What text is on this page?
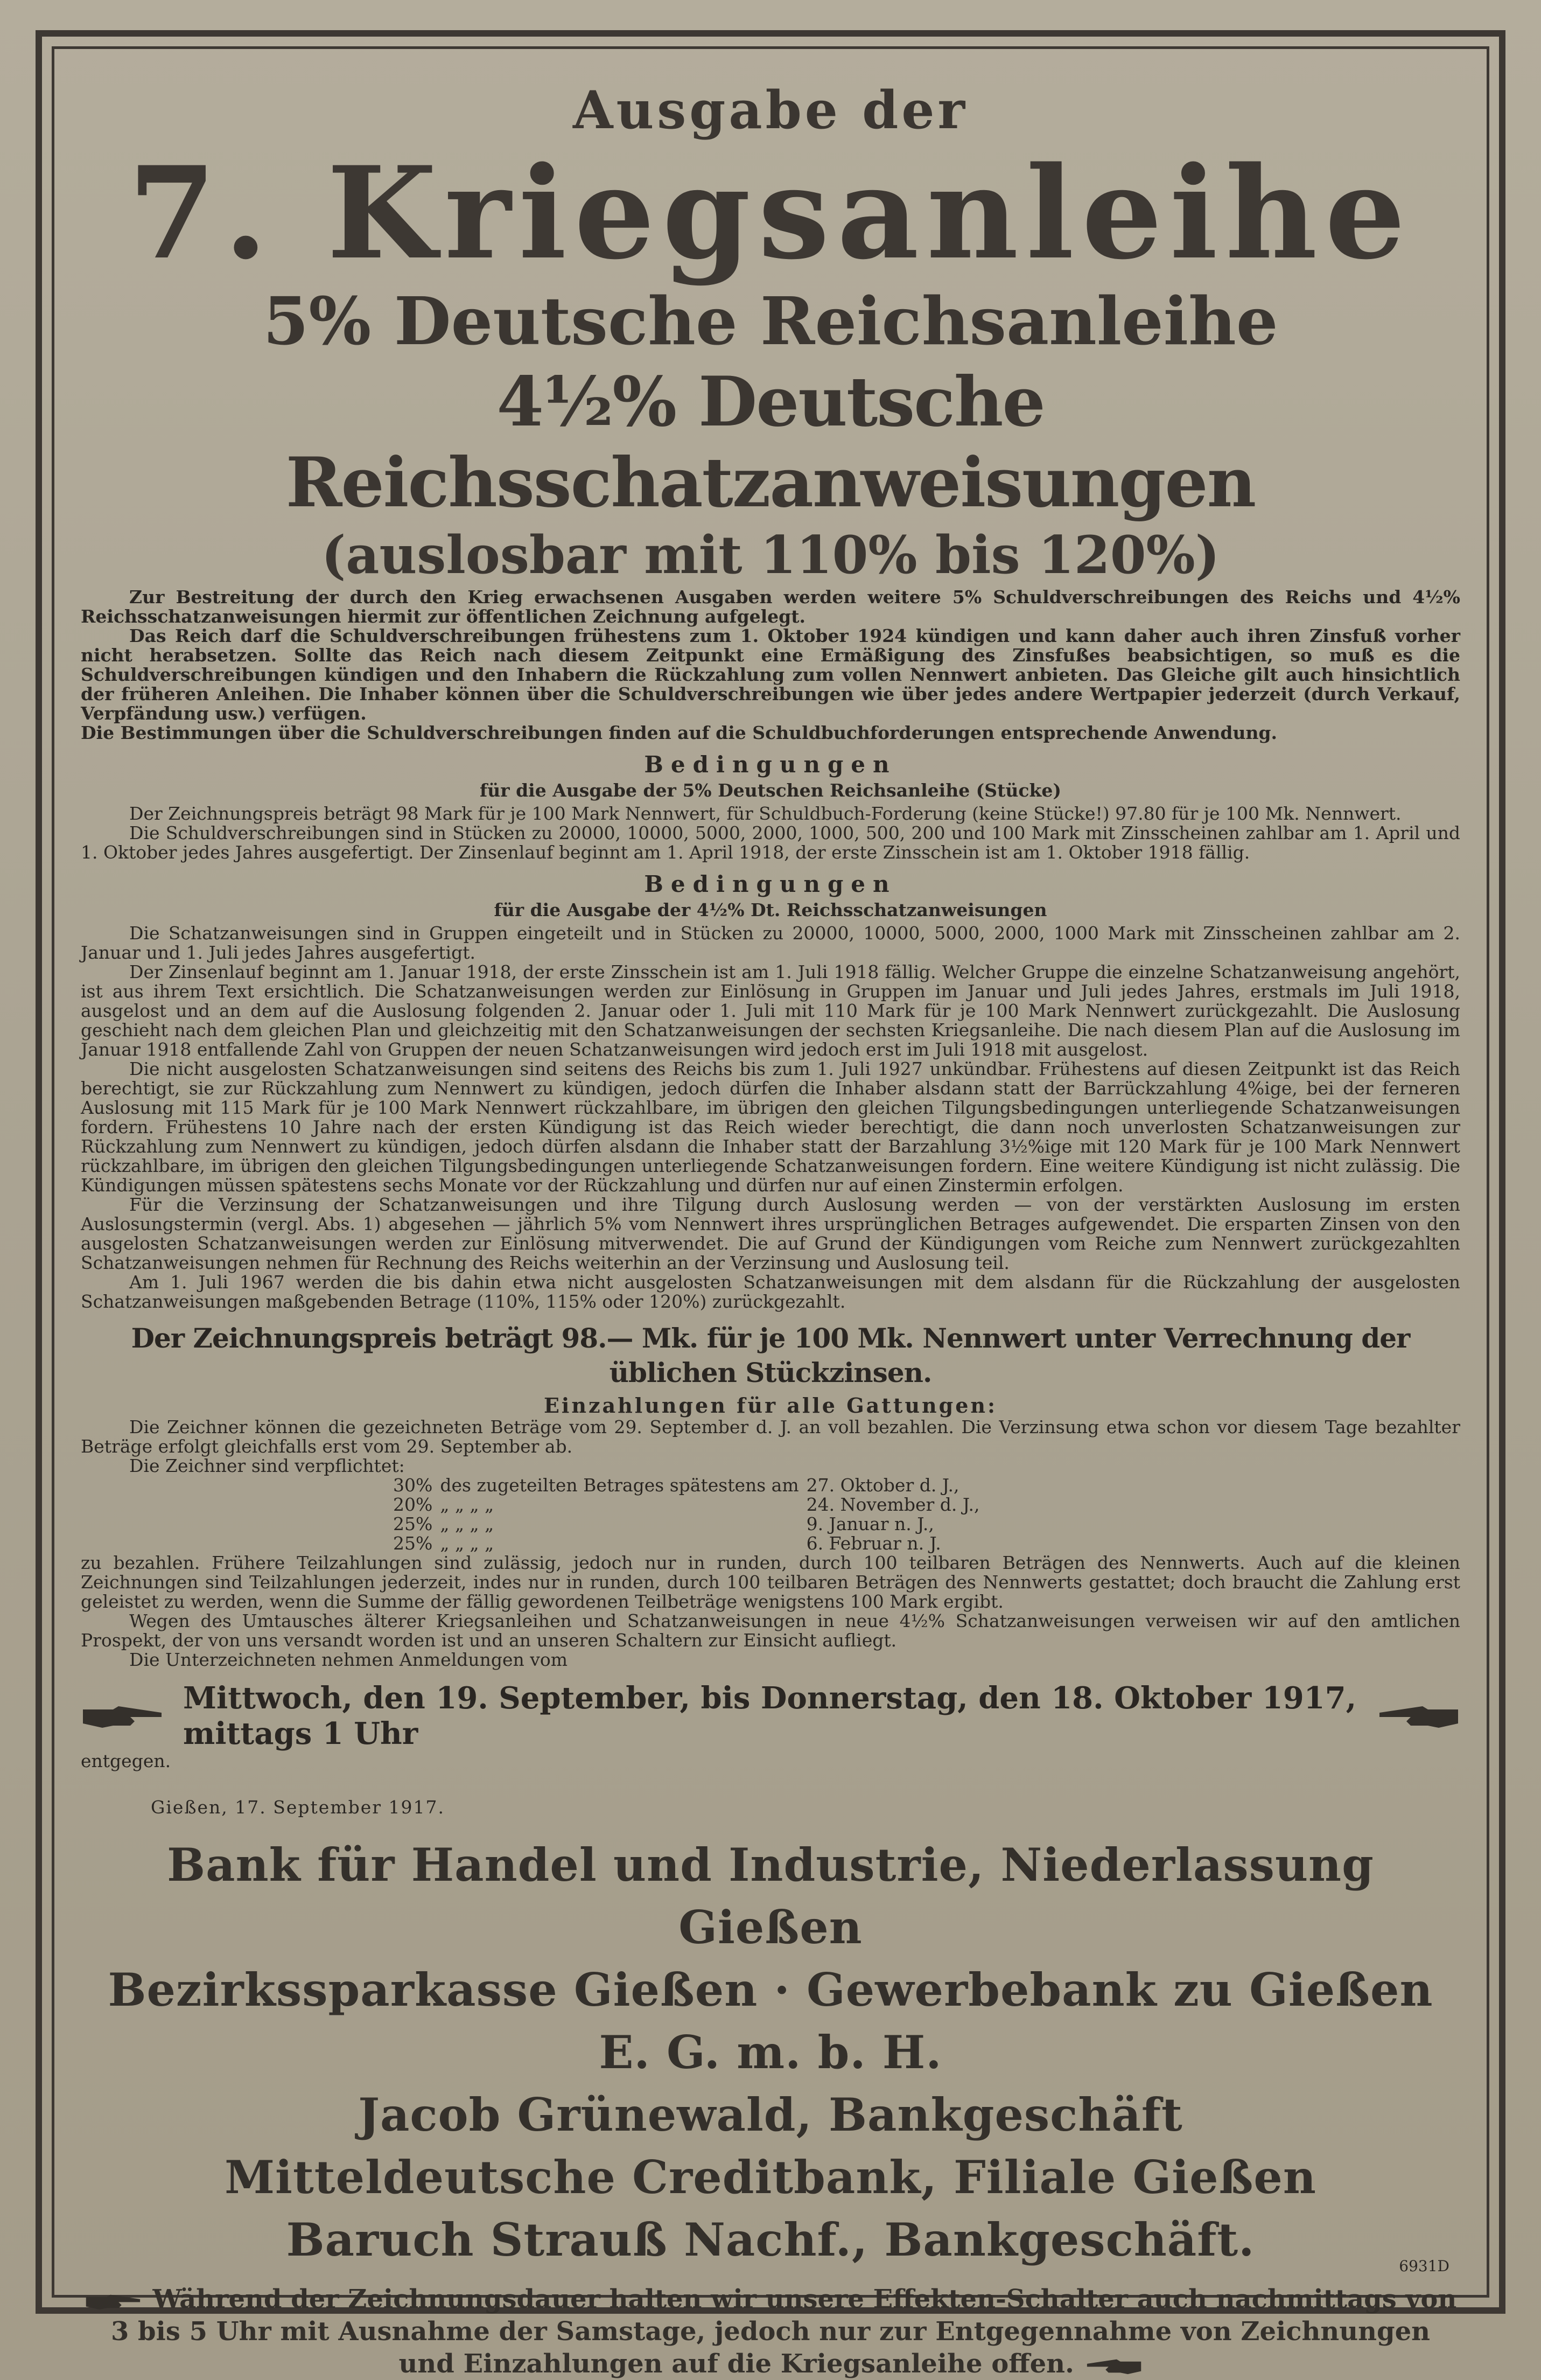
Ausgabe der
7. Kriegsanleihe
5% Deutsche Reichsanleihe
4½% Deutsche Reichsschatzanweisungen
(auslosbar mit 110% bis 120%)

Zur Bestreitung der durch den Krieg erwachsenen Ausgaben werden weitere 5% Schuldverschreibungen des Reichs und 4½% Reichsschatzanweisungen hiermit zur öffentlichen Zeichnung aufgelegt.

Das Reich darf die Schuldverschreibungen frühestens zum 1. Oktober 1924 kündigen und kann daher auch ihren Zinsfuß vorher nicht herabsetzen. Sollte das Reich nach diesem Zeitpunkt eine Ermäßigung des Zinsfußes beabsichtigen, so muß es die Schuldverschreibungen kündigen und den Inhabern die Rückzahlung zum vollen Nennwert anbieten. Das Gleiche gilt auch hinsichtlich der früheren Anleihen. Die Inhaber können über die Schuldverschreibungen wie über jedes andere Wertpapier jederzeit (durch Verkauf, Verpfändung usw.) verfügen.

Die Bestimmungen über die Schuldverschreibungen finden auf die Schuldbuchforderungen entsprechende Anwendung.

Bedingungen
für die Ausgabe der 5% Deutschen Reichsanleihe (Stücke)

Der Zeichnungspreis beträgt 98 Mark für je 100 Mark Nennwert, für Schuldbuch-Forderung (keine Stücke!) 97.80 für je 100 Mk. Nennwert.

Die Schuldverschreibungen sind in Stücken zu 20000, 10000, 5000, 2000, 1000, 500, 200 und 100 Mark mit Zinsscheinen zahlbar am 1. April und 1. Oktober jedes Jahres ausgefertigt. Der Zinsenlauf beginnt am 1. April 1918, der erste Zinsschein ist am 1. Oktober 1918 fällig.

Bedingungen
für die Ausgabe der 4½% Dt. Reichsschatzanweisungen

Die Schatzanweisungen sind in Gruppen eingeteilt und in Stücken zu 20000, 10000, 5000, 2000, 1000 Mark mit Zinsscheinen zahlbar am 2. Januar und 1. Juli jedes Jahres ausgefertigt.

Der Zinsenlauf beginnt am 1. Januar 1918, der erste Zinsschein ist am 1. Juli 1918 fällig. Welcher Gruppe die einzelne Schatzanweisung angehört, ist aus ihrem Text ersichtlich. Die Schatzanweisungen werden zur Einlösung in Gruppen im Januar und Juli jedes Jahres, erstmals im Juli 1918, ausgelost und an dem auf die Auslosung folgenden 2. Januar oder 1. Juli mit 110 Mark für je 100 Mark Nennwert zurückgezahlt. Die Auslosung geschieht nach dem gleichen Plan und gleichzeitig mit den Schatzanweisungen der sechsten Kriegsanleihe. Die nach diesem Plan auf die Auslosung im Januar 1918 entfallende Zahl von Gruppen der neuen Schatzanweisungen wird jedoch erst im Juli 1918 mit ausgelost.

Die nicht ausgelosten Schatzanweisungen sind seitens des Reichs bis zum 1. Juli 1927 unkündbar. Frühestens auf diesen Zeitpunkt ist das Reich berechtigt, sie zur Rückzahlung zum Nennwert zu kündigen, jedoch dürfen die Inhaber alsdann statt der Barrückzahlung 4%ige, bei der ferneren Auslosung mit 115 Mark für je 100 Mark Nennwert rückzahlbare, im übrigen den gleichen Tilgungsbedingungen unterliegende Schatzanweisungen fordern. Frühestens 10 Jahre nach der ersten Kündigung ist das Reich wieder berechtigt, die dann noch unverlosten Schatzanweisungen zur Rückzahlung zum Nennwert zu kündigen, jedoch dürfen alsdann die Inhaber statt der Barzahlung 3½%ige mit 120 Mark für je 100 Mark Nennwert rückzahlbare, im übrigen den gleichen Tilgungsbedingungen unterliegende Schatzanweisungen fordern. Eine weitere Kündigung ist nicht zulässig. Die Kündigungen müssen spätestens sechs Monate vor der Rückzahlung und dürfen nur auf einen Zinstermin erfolgen.

Für die Verzinsung der Schatzanweisungen und ihre Tilgung durch Auslosung werden — von der verstärkten Auslosung im ersten Auslosungstermin (vergl. Abs. 1) abgesehen — jährlich 5% vom Nennwert ihres ursprünglichen Betrages aufgewendet. Die ersparten Zinsen von den ausgelosten Schatzanweisungen werden zur Einlösung mitverwendet. Die auf Grund der Kündigungen vom Reiche zum Nennwert zurückgezahlten Schatzanweisungen nehmen für Rechnung des Reichs weiterhin an der Verzinsung und Auslosung teil.

Am 1. Juli 1967 werden die bis dahin etwa nicht ausgelosten Schatzanweisungen mit dem alsdann für die Rückzahlung der ausgelosten Schatzanweisungen maßgebenden Betrage (110%, 115% oder 120%) zurückgezahlt.

Der Zeichnungspreis beträgt 98.— Mk. für je 100 Mk. Nennwert unter Verrechnung der üblichen Stückzinsen.
Einzahlungen für alle Gattungen:

Die Zeichner können die gezeichneten Beträge vom 29. September d. J. an voll bezahlen. Die Verzinsung etwa schon vor diesem Tage bezahlter Beträge erfolgt gleichfalls erst vom 29. September ab.

Die Zeichner sind verpflichtet:

30%	des zugeteilten Betrages spätestens am	27. Oktober d. J.,
20%	„ „ „ „	24. November d. J.,
25%	„ „ „ „	9. Januar n. J.,
25%	„ „ „ „	6. Februar n. J.

zu bezahlen. Frühere Teilzahlungen sind zulässig, jedoch nur in runden, durch 100 teilbaren Beträgen des Nennwerts. Auch auf die kleinen Zeichnungen sind Teilzahlungen jederzeit, indes nur in runden, durch 100 teilbaren Beträgen des Nennwerts gestattet; doch braucht die Zahlung erst geleistet zu werden, wenn die Summe der fällig gewordenen Teilbeträge wenigstens 100 Mark ergibt.

Wegen des Umtausches älterer Kriegsanleihen und Schatzanweisungen in neue 4½% Schatzanweisungen verweisen wir auf den amtlichen Prospekt, der von uns versandt worden ist und an unseren Schaltern zur Einsicht aufliegt.

Die Unterzeichneten nehmen Anmeldungen vom

Mittwoch, den 19. September, bis Donnerstag, den 18. Oktober 1917, mittags 1 Uhr

entgegen.

Gießen, 17. September 1917.
Bank für Handel und Industrie, Niederlassung Gießen
Bezirkssparkasse Gießen · Gewerbebank zu Gießen E. G. m. b. H.
Jacob Grünewald, Bankgeschäft
Mitteldeutsche Creditbank, Filiale Gießen
Baruch Strauß Nachf., Bankgeschäft.
Während der Zeichnungsdauer halten wir unsere Effekten-Schalter auch nachmittags von 3 bis 5 Uhr mit Ausnahme der Samstage, jedoch nur zur Entgegennahme von Zeichnungen und Einzahlungen auf die Kriegsanleihe offen.
6931D
